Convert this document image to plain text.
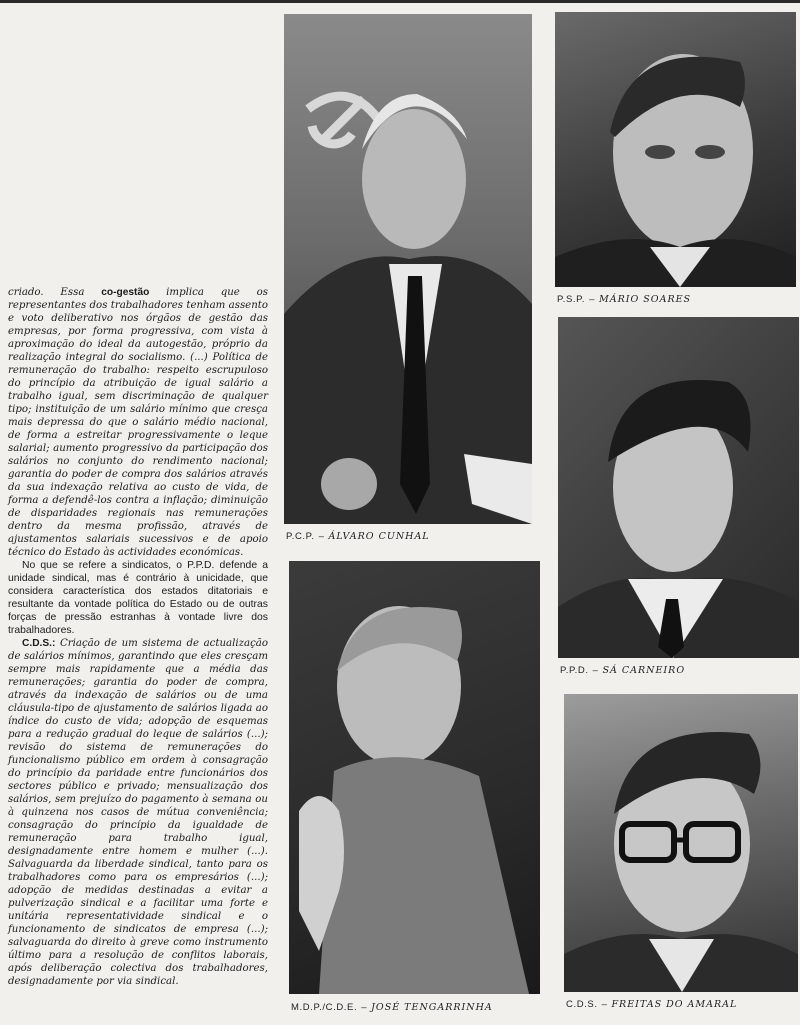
criado. Essa co-gestão implica que os representantes dos trabalhadores tenham assento e voto deliberativo nos órgãos de gestão das empresas, por forma progressiva, com vista à aproximação do ideal da autogestão, próprio da realização integral do socialismo. (...) Política de remuneração do trabalho: respeito escrupuloso do princípio da atribuição de igual salário a trabalho igual, sem discriminação de qualquer tipo; instituição de um salário mínimo que cresça mais depressa do que o salário médio nacional, de forma a estreitar progressivamente o leque salarial; aumento progressivo da participação dos salários no conjunto do rendimento nacional; garantia do poder de compra dos salários através da sua indexação relativa ao custo de vida, de forma a defendê-los contra a inflação; diminuição de disparidades regionais nas remunerações dentro da mesma profissão, através de ajustamentos salariais sucessivos e de apoio técnico do Estado às actividades económicas.

No que se refere a sindicatos, o P.P.D. defende a unidade sindical, mas é contrário à unicidade, que considera característica dos estados ditatoriais e resultante da vontade política do Estado ou de outras forças de pressão estranhas à vontade livre dos trabalhadores.

C.D.S.: Criação de um sistema de actualização de salários mínimos, garantindo que eles cresçam sempre mais rapidamente que a média das remunerações; garantia do poder de compra, através da indexação de salários ou de uma cláusula-tipo de ajustamento de salários ligada ao índice do custo de vida; adopção de esquemas para a redução gradual do leque de salários (...); revisão do sistema de remunerações do funcionalismo público em ordem à consagração do princípio da paridade entre funcionários dos sectores público e privado; mensualização dos salários, sem prejuízo do pagamento à semana ou à quinzena nos casos de mútua conveniência; consagração do princípio da igualdade de remuneração para trabalho igual, designadamente entre homem e mulher (...). Salvaguarda da liberdade sindical, tanto para os trabalhadores como para os empresários (...); adopção de medidas destinadas a evitar a pulverização sindical e a facilitar uma forte e unitária representatividade sindical e o funcionamento de sindicatos de empresa (...); salvaguarda do direito à greve como instrumento último para a resolução de conflitos laborais, após deliberação colectiva dos trabalhadores, designadamente por via sindical.

P.C.P. – ÁLVARO CUNHAL
P.S.P. – MÁRIO SOARES
P.P.D. – SÁ CARNEIRO
M.D.P./C.D.E. – JOSÉ TENGARRINHA	C.D.S. – FREITAS DO AMARAL
